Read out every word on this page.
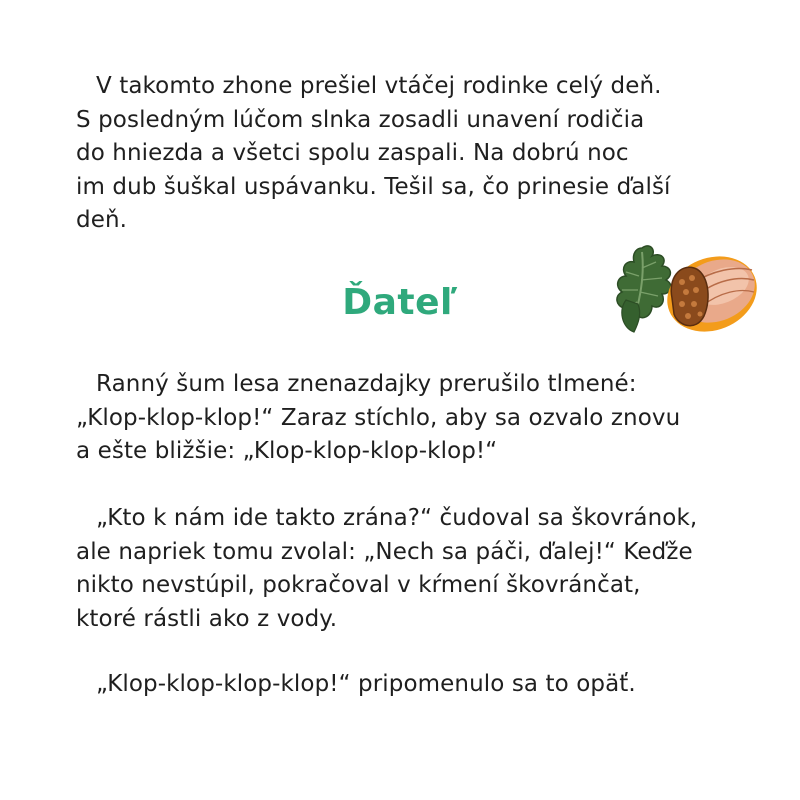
V takomto zhone prešiel vtáčej rodinke celý deň.
S posledným lúčom slnka zosadli unavení rodičia
do hniezda a všetci spolu zaspali. Na dobrú noc
im dub šuškal uspávanku. Tešil sa, čo prinesie ďalší
deň.

Ďateľ

Ranný šum lesa znenazdajky prerušilo tlmené:
„Klop-klop-klop!“ Zaraz stíchlo, aby sa ozvalo znovu
a ešte bližšie: „Klop-klop-klop-klop!“

„Kto k nám ide takto zrána?“ čudoval sa škovránok,
ale napriek tomu zvolal: „Nech sa páči, ďalej!“ Keďže
nikto nevstúpil, pokračoval v kŕmení škovránčat,
ktoré rástli ako z vody.

„Klop-klop-klop-klop!“ pripomenulo sa to opäť.
